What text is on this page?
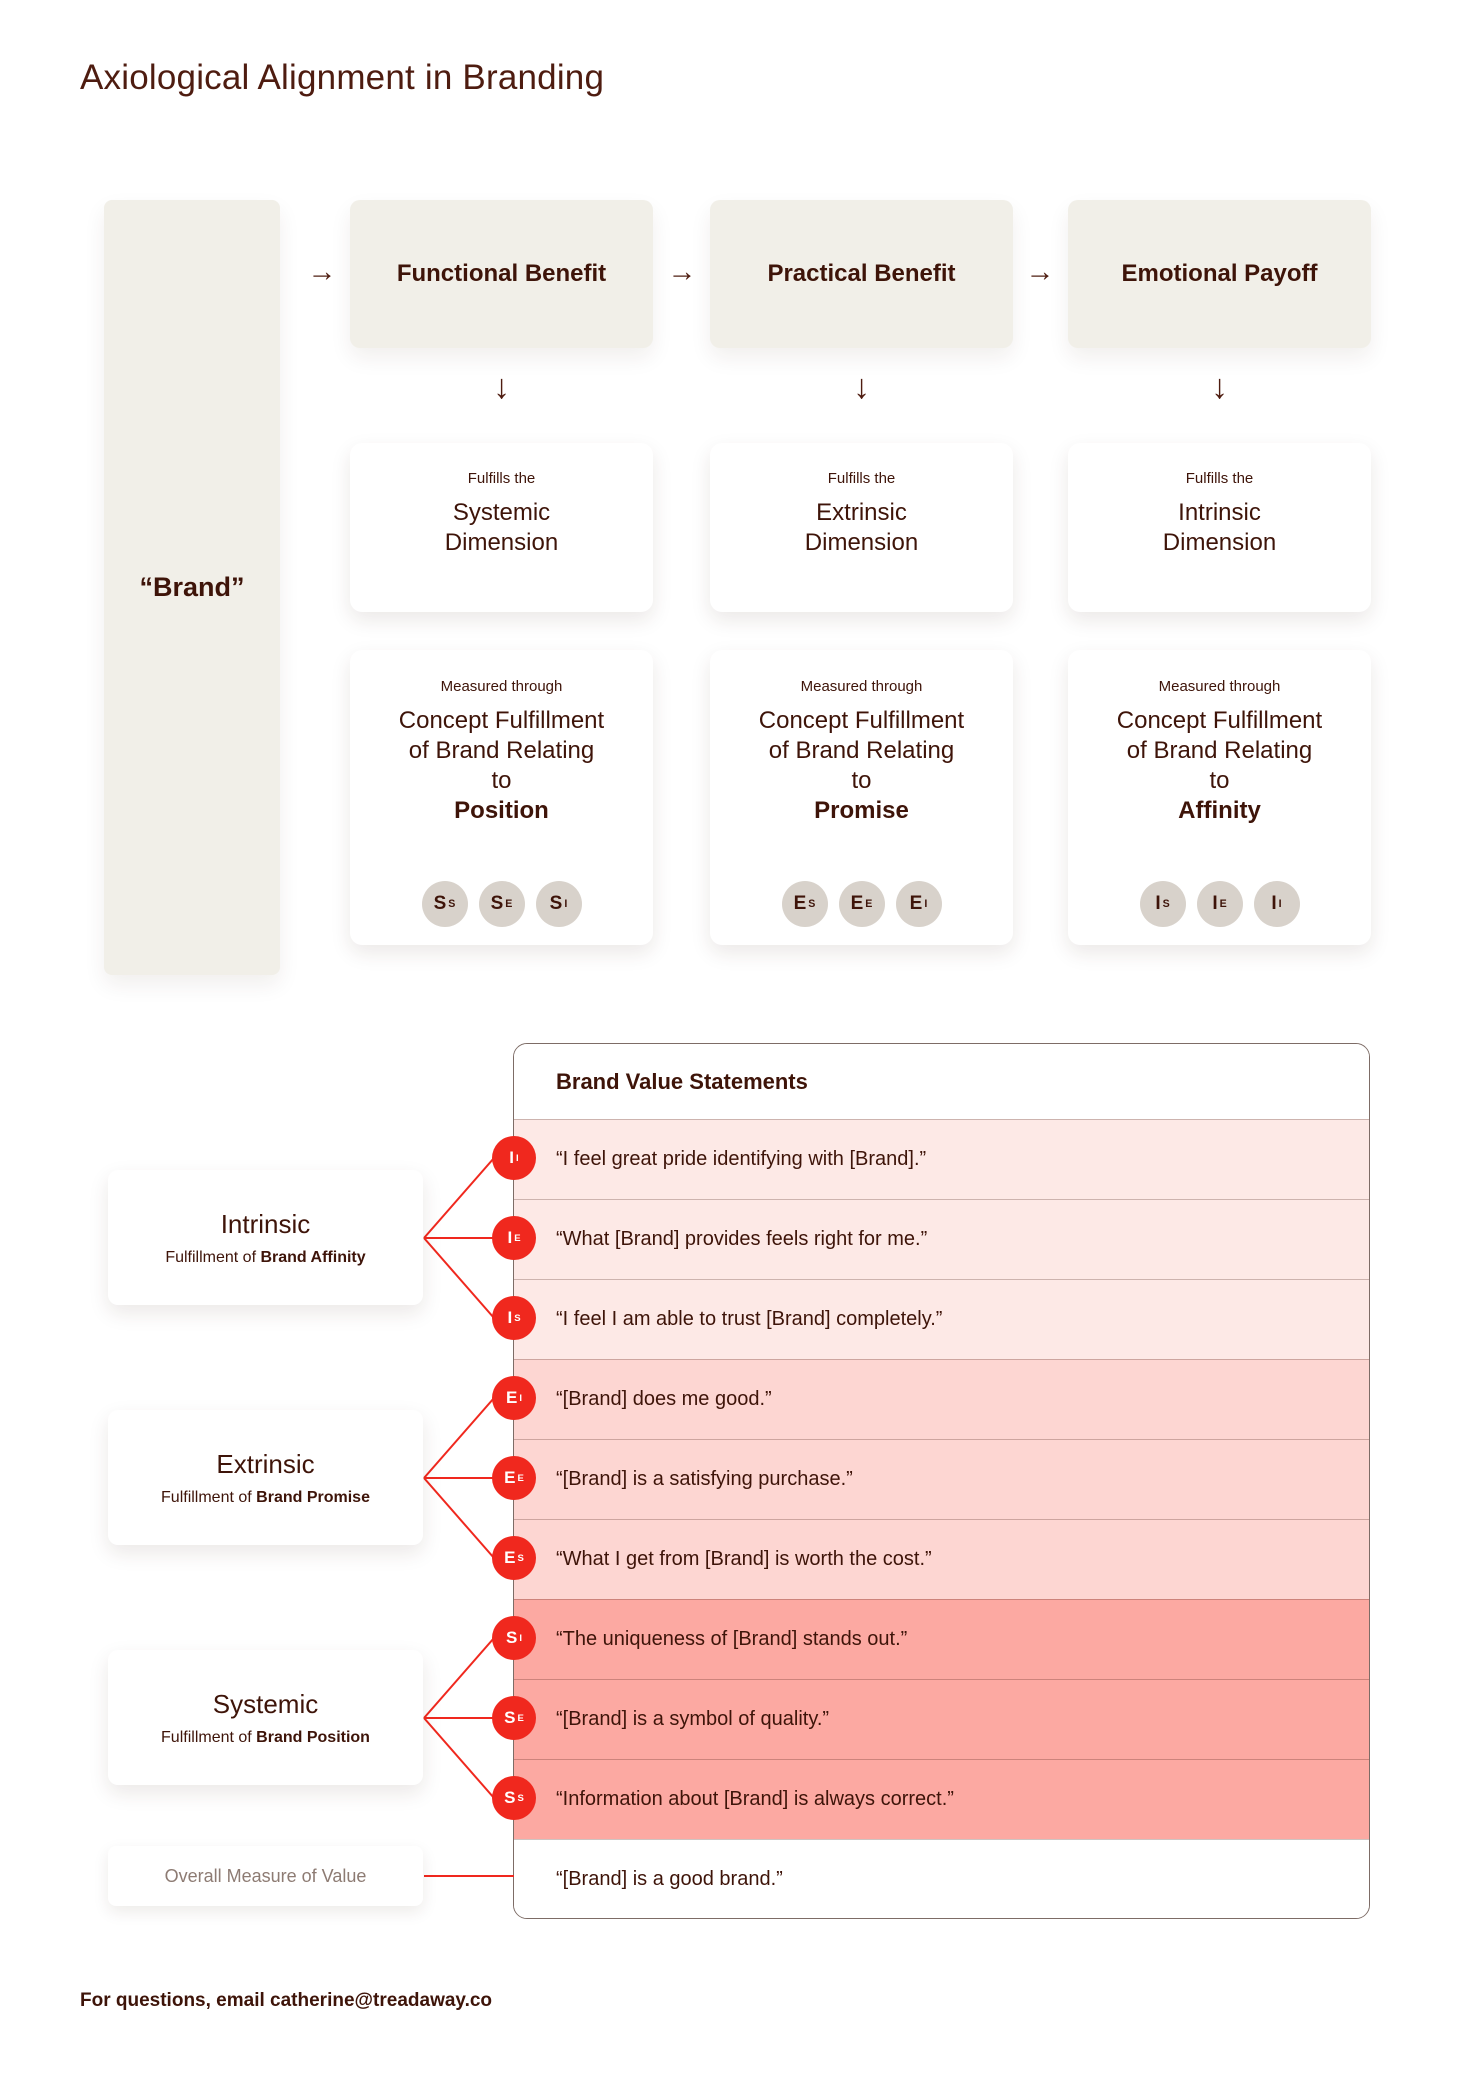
Axiological Alignment in Branding
“Brand”
→	Functional Benefit
↓
Fulfills the
Systemic Dimension
Measured through
Concept Fulfillment of Brand Relating to
Position
S S S E S I
→	Practical Benefit
↓
Fulfills the
Extrinsic Dimension
Measured through
Concept Fulfillment of Brand Relating to
Promise
E S E E E I
→	Emotional Payoff
↓
Fulfills the
Intrinsic Dimension
Measured through
Concept Fulfillment of Brand Relating to
Affinity
I S I E I I
Brand Value Statements
“I feel great pride identifying with [Brand].”
“What [Brand] provides feels right for me.”
“I feel I am able to trust [Brand] completely.”
“[Brand] does me good.”
“[Brand] is a satisfying purchase.”
“What I get from [Brand] is worth the cost.”
“The uniqueness of [Brand] stands out.”
“[Brand] is a symbol of quality.”
“Information about [Brand] is always correct.”
“[Brand] is a good brand.”
I I
I E
I S
E I
E E
E S
S I
S E
S S
Intrinsic
Fulfillment of Brand Affinity
Extrinsic
Fulfillment of Brand Promise
Systemic
Fulfillment of Brand Position
Overall Measure of Value

For questions, email catherine@treadaway.co
